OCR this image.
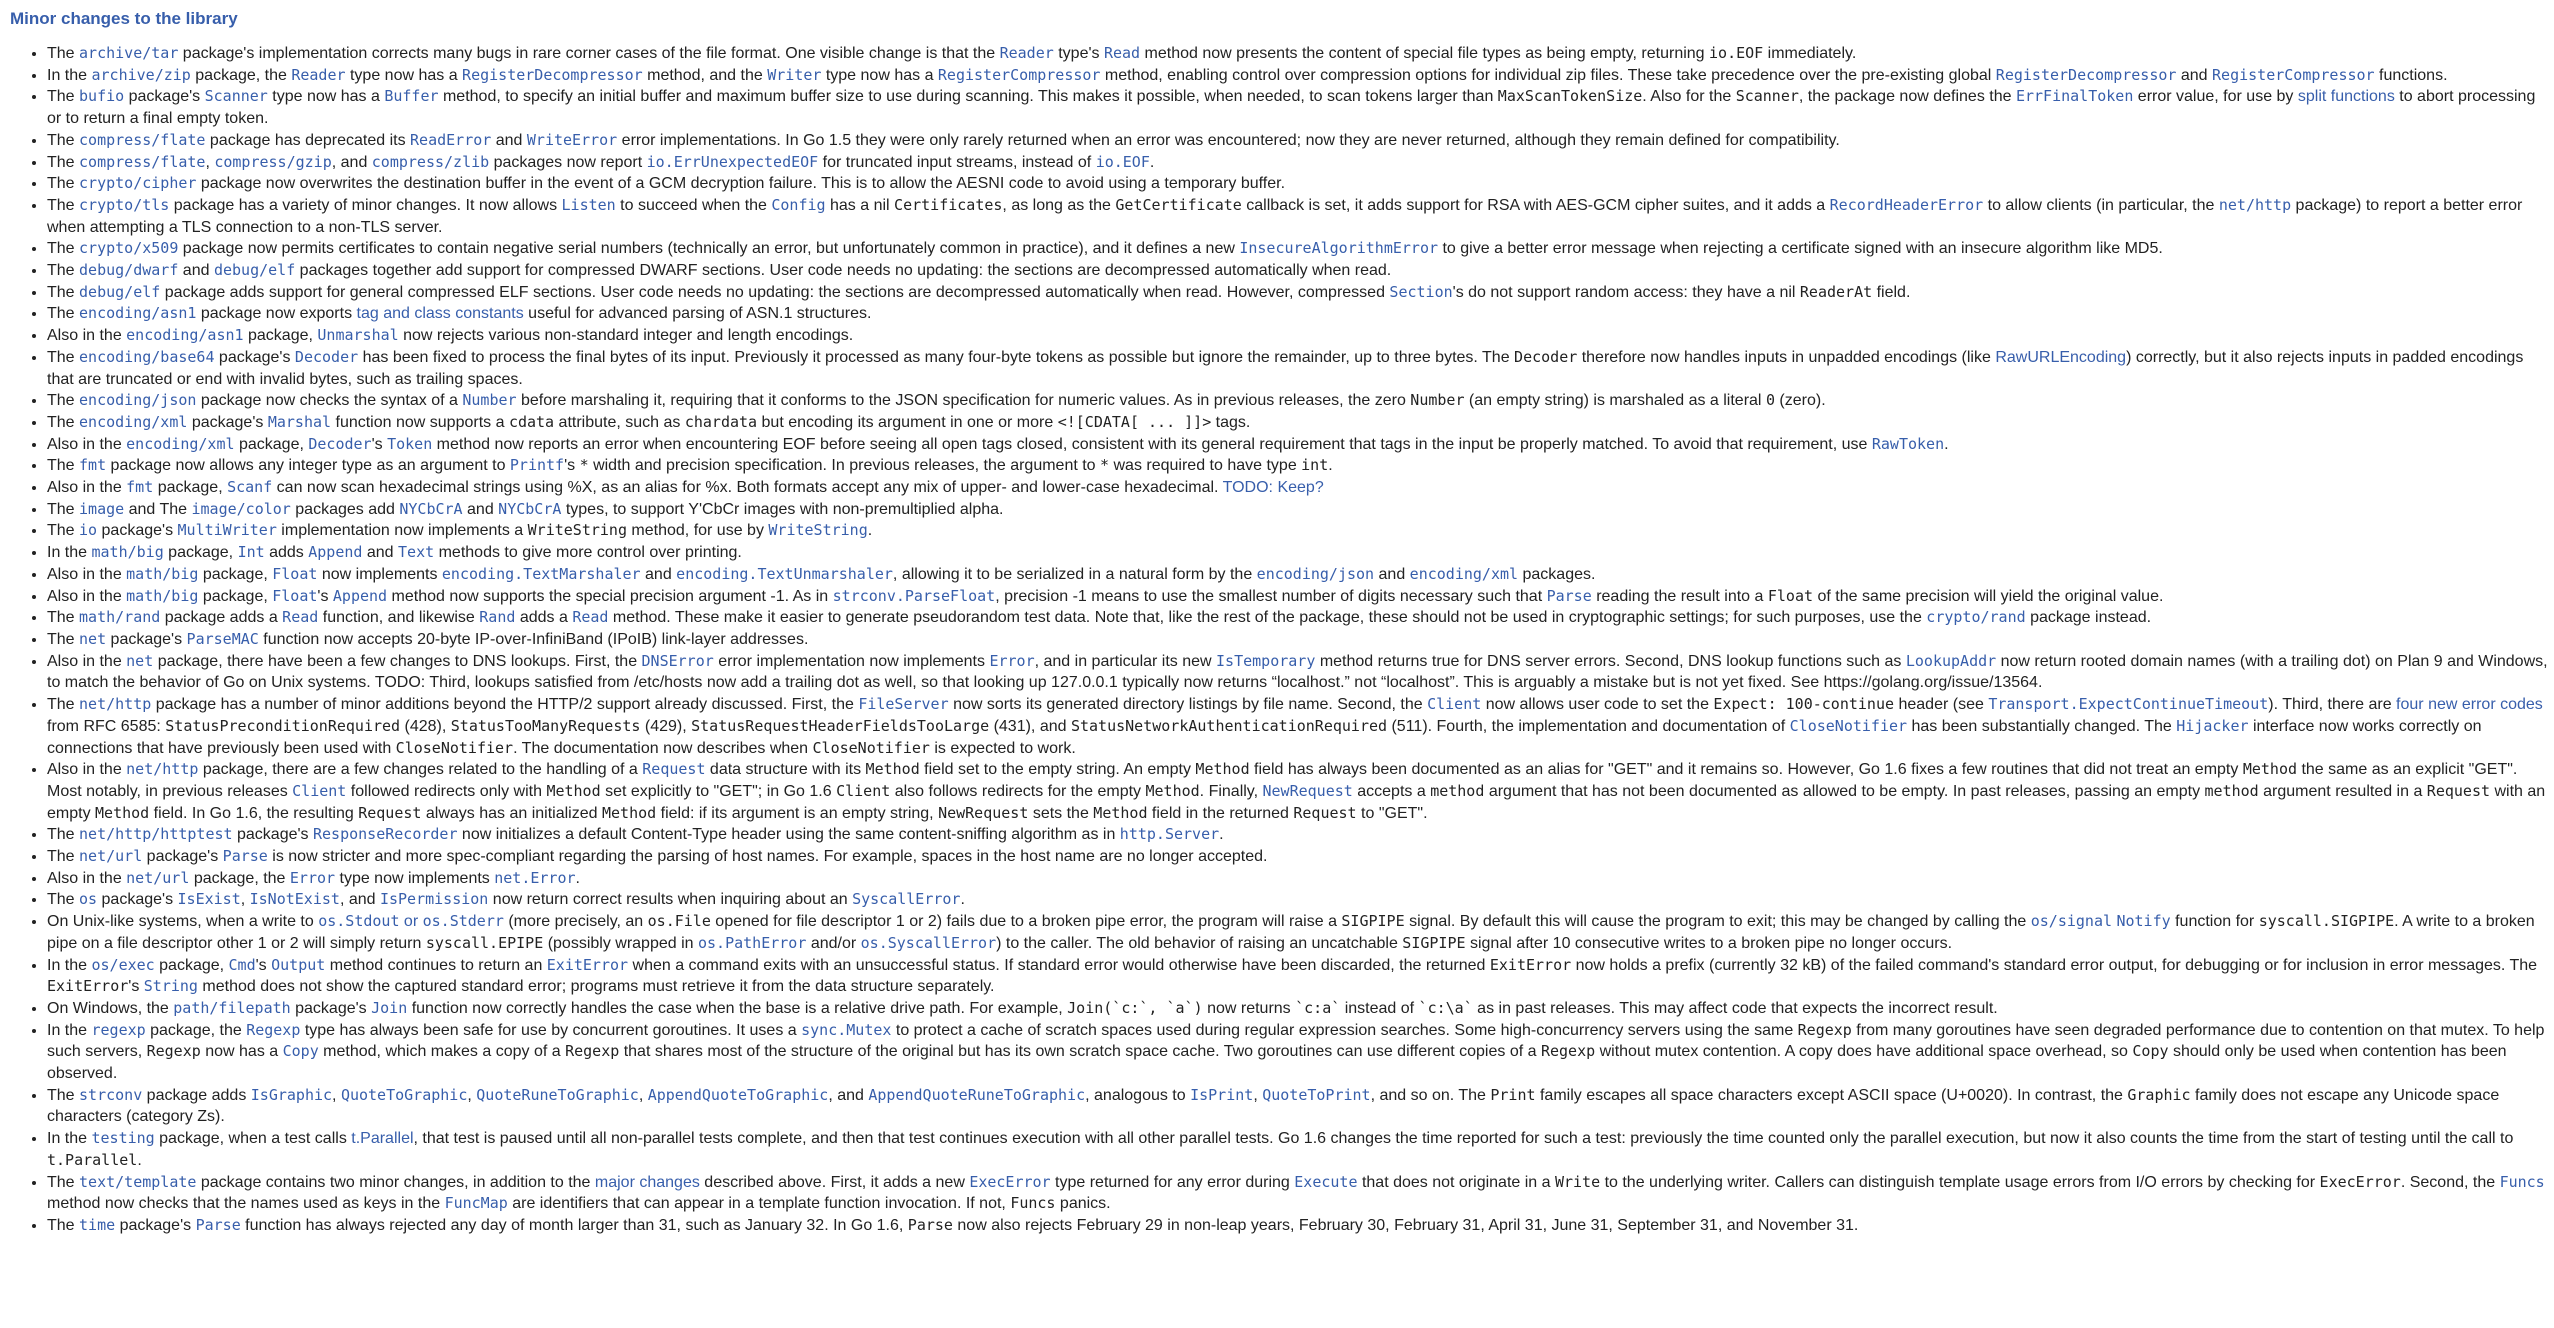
Minor changes to the library
• The archive/tar package's implementation corrects many bugs in rare corner cases of the file format. One visible change is that the Reader type's Read method now presents the content of special file types as being empty, returning io.EOF immediately.
• In the archive/zip package, the Reader type now has a RegisterDecompressor method, and the Writer type now has a RegisterCompressor method, enabling control over compression options for individual zip files. These take precedence over the pre-existing global RegisterDecompressor and RegisterCompressor functions.
• The bufio package's Scanner type now has a Buffer method, to specify an initial buffer and maximum buffer size to use during scanning. This makes it possible, when needed, to scan tokens larger than MaxScanTokenSize. Also for the Scanner, the package now defines the ErrFinalToken error value, for use by split functions to abort processing or to return a final empty token.
• The compress/flate package has deprecated its ReadError and WriteError error implementations. In Go 1.5 they were only rarely returned when an error was encountered; now they are never returned, although they remain defined for compatibility.
• The compress/flate, compress/gzip, and compress/zlib packages now report io.ErrUnexpectedEOF for truncated input streams, instead of io.EOF.
• The crypto/cipher package now overwrites the destination buffer in the event of a GCM decryption failure. This is to allow the AESNI code to avoid using a temporary buffer.
• The crypto/tls package has a variety of minor changes. It now allows Listen to succeed when the Config has a nil Certificates, as long as the GetCertificate callback is set, it adds support for RSA with AES-GCM cipher suites, and it adds a RecordHeaderError to allow clients (in particular, the net/http package) to report a better error when attempting a TLS connection to a non-TLS server.
• The crypto/x509 package now permits certificates to contain negative serial numbers (technically an error, but unfortunately common in practice), and it defines a new InsecureAlgorithmError to give a better error message when rejecting a certificate signed with an insecure algorithm like MD5.
• The debug/dwarf and debug/elf packages together add support for compressed DWARF sections. User code needs no updating: the sections are decompressed automatically when read.
• The debug/elf package adds support for general compressed ELF sections. User code needs no updating: the sections are decompressed automatically when read. However, compressed Section's do not support random access: they have a nil ReaderAt field.
• The encoding/asn1 package now exports tag and class constants useful for advanced parsing of ASN.1 structures.
• Also in the encoding/asn1 package, Unmarshal now rejects various non-standard integer and length encodings.
• The encoding/base64 package's Decoder has been fixed to process the final bytes of its input. Previously it processed as many four-byte tokens as possible but ignore the remainder, up to three bytes. The Decoder therefore now handles inputs in unpadded encodings (like RawURLEncoding) correctly, but it also rejects inputs in padded encodings that are truncated or end with invalid bytes, such as trailing spaces.
• The encoding/json package now checks the syntax of a Number before marshaling it, requiring that it conforms to the JSON specification for numeric values. As in previous releases, the zero Number (an empty string) is marshaled as a literal 0 (zero).
• The encoding/xml package's Marshal function now supports a cdata attribute, such as chardata but encoding its argument in one or more <![CDATA[ ... ]]> tags.
• Also in the encoding/xml package, Decoder's Token method now reports an error when encountering EOF before seeing all open tags closed, consistent with its general requirement that tags in the input be properly matched. To avoid that requirement, use RawToken.
• The fmt package now allows any integer type as an argument to Printf's * width and precision specification. In previous releases, the argument to * was required to have type int.
• Also in the fmt package, Scanf can now scan hexadecimal strings using %X, as an alias for %x. Both formats accept any mix of upper- and lower-case hexadecimal. TODO: Keep?
• The image and The image/color packages add NYCbCrA and NYCbCrA types, to support Y'CbCr images with non-premultiplied alpha.
• The io package's MultiWriter implementation now implements a WriteString method, for use by WriteString.
• In the math/big package, Int adds Append and Text methods to give more control over printing.
• Also in the math/big package, Float now implements encoding.TextMarshaler and encoding.TextUnmarshaler, allowing it to be serialized in a natural form by the encoding/json and encoding/xml packages.
• Also in the math/big package, Float's Append method now supports the special precision argument -1. As in strconv.ParseFloat, precision -1 means to use the smallest number of digits necessary such that Parse reading the result into a Float of the same precision will yield the original value.
• The math/rand package adds a Read function, and likewise Rand adds a Read method. These make it easier to generate pseudorandom test data. Note that, like the rest of the package, these should not be used in cryptographic settings; for such purposes, use the crypto/rand package instead.
• The net package's ParseMAC function now accepts 20-byte IP-over-InfiniBand (IPoIB) link-layer addresses.
• Also in the net package, there have been a few changes to DNS lookups. First, the DNSError error implementation now implements Error, and in particular its new IsTemporary method returns true for DNS server errors. Second, DNS lookup functions such as LookupAddr now return rooted domain names (with a trailing dot) on Plan 9 and Windows, to match the behavior of Go on Unix systems. TODO: Third, lookups satisfied from /etc/hosts now add a trailing dot as well, so that looking up 127.0.0.1 typically now returns “localhost.” not “localhost”. This is arguably a mistake but is not yet fixed. See https://golang.org/issue/13564.
• The net/http package has a number of minor additions beyond the HTTP/2 support already discussed. First, the FileServer now sorts its generated directory listings by file name. Second, the Client now allows user code to set the Expect: 100-continue header (see Transport.ExpectContinueTimeout). Third, there are four new error codes from RFC 6585: StatusPreconditionRequired (428), StatusTooManyRequests (429), StatusRequestHeaderFieldsTooLarge (431), and StatusNetworkAuthenticationRequired (511). Fourth, the implementation and documentation of CloseNotifier has been substantially changed. The Hijacker interface now works correctly on connections that have previously been used with CloseNotifier. The documentation now describes when CloseNotifier is expected to work.
• Also in the net/http package, there are a few changes related to the handling of a Request data structure with its Method field set to the empty string. An empty Method field has always been documented as an alias for "GET" and it remains so. However, Go 1.6 fixes a few routines that did not treat an empty Method the same as an explicit "GET". Most notably, in previous releases Client followed redirects only with Method set explicitly to "GET"; in Go 1.6 Client also follows redirects for the empty Method. Finally, NewRequest accepts a method argument that has not been documented as allowed to be empty. In past releases, passing an empty method argument resulted in a Request with an empty Method field. In Go 1.6, the resulting Request always has an initialized Method field: if its argument is an empty string, NewRequest sets the Method field in the returned Request to "GET".
• The net/http/httptest package's ResponseRecorder now initializes a default Content-Type header using the same content-sniffing algorithm as in http.Server.
• The net/url package's Parse is now stricter and more spec-compliant regarding the parsing of host names. For example, spaces in the host name are no longer accepted.
• Also in the net/url package, the Error type now implements net.Error.
• The os package's IsExist, IsNotExist, and IsPermission now return correct results when inquiring about an SyscallError.
• On Unix-like systems, when a write to os.Stdout or os.Stderr (more precisely, an os.File opened for file descriptor 1 or 2) fails due to a broken pipe error, the program will raise a SIGPIPE signal. By default this will cause the program to exit; this may be changed by calling the os/signal Notify function for syscall.SIGPIPE. A write to a broken pipe on a file descriptor other 1 or 2 will simply return syscall.EPIPE (possibly wrapped in os.PathError and/or os.SyscallError) to the caller. The old behavior of raising an uncatchable SIGPIPE signal after 10 consecutive writes to a broken pipe no longer occurs.
• In the os/exec package, Cmd's Output method continues to return an ExitError when a command exits with an unsuccessful status. If standard error would otherwise have been discarded, the returned ExitError now holds a prefix (currently 32 kB) of the failed command's standard error output, for debugging or for inclusion in error messages. The ExitError's String method does not show the captured standard error; programs must retrieve it from the data structure separately.
• On Windows, the path/filepath package's Join function now correctly handles the case when the base is a relative drive path. For example, Join(`c:`, `a`) now returns `c:a` instead of `c:\a` as in past releases. This may affect code that expects the incorrect result.
• In the regexp package, the Regexp type has always been safe for use by concurrent goroutines. It uses a sync.Mutex to protect a cache of scratch spaces used during regular expression searches. Some high-concurrency servers using the same Regexp from many goroutines have seen degraded performance due to contention on that mutex. To help such servers, Regexp now has a Copy method, which makes a copy of a Regexp that shares most of the structure of the original but has its own scratch space cache. Two goroutines can use different copies of a Regexp without mutex contention. A copy does have additional space overhead, so Copy should only be used when contention has been observed.
• The strconv package adds IsGraphic, QuoteToGraphic, QuoteRuneToGraphic, AppendQuoteToGraphic, and AppendQuoteRuneToGraphic, analogous to IsPrint, QuoteToPrint, and so on. The Print family escapes all space characters except ASCII space (U+0020). In contrast, the Graphic family does not escape any Unicode space characters (category Zs).
• In the testing package, when a test calls t.Parallel, that test is paused until all non-parallel tests complete, and then that test continues execution with all other parallel tests. Go 1.6 changes the time reported for such a test: previously the time counted only the parallel execution, but now it also counts the time from the start of testing until the call to t.Parallel.
• The text/template package contains two minor changes, in addition to the major changes described above. First, it adds a new ExecError type returned for any error during Execute that does not originate in a Write to the underlying writer. Callers can distinguish template usage errors from I/O errors by checking for ExecError. Second, the Funcs method now checks that the names used as keys in the FuncMap are identifiers that can appear in a template function invocation. If not, Funcs panics.
• The time package's Parse function has always rejected any day of month larger than 31, such as January 32. In Go 1.6, Parse now also rejects February 29 in non-leap years, February 30, February 31, April 31, June 31, September 31, and November 31.
